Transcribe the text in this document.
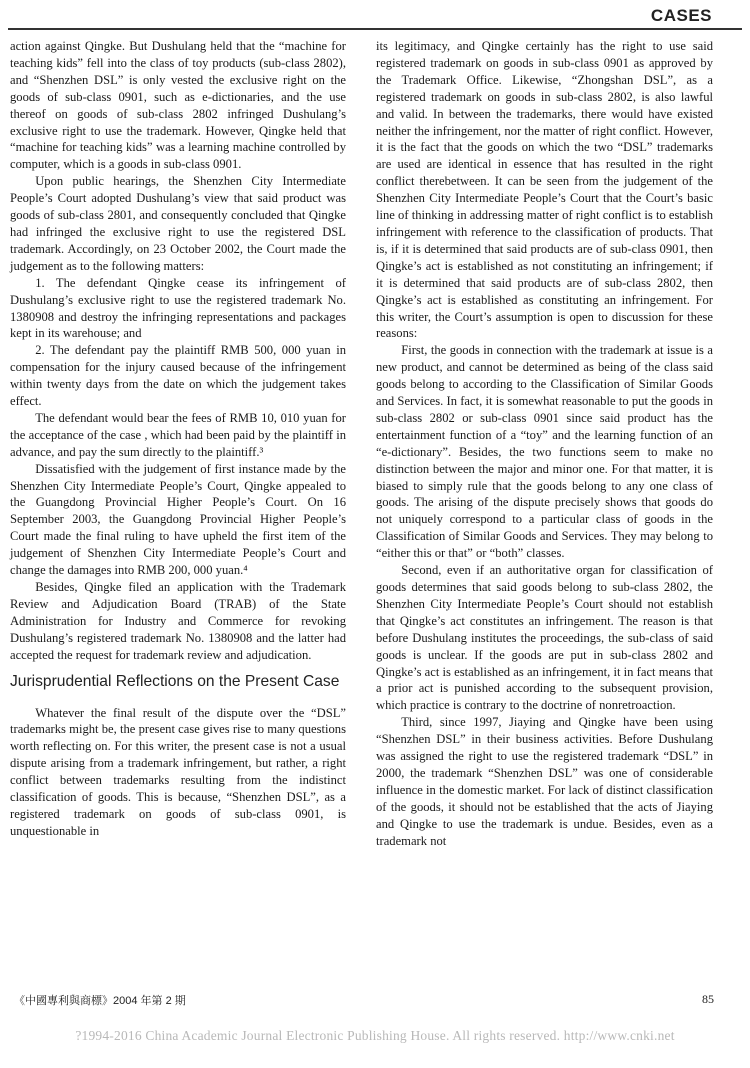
CASES

action against Qingke. But Dushulang held that the “machine for teaching kids” fell into the class of toy products (sub-class 2802), and “Shenzhen DSL” is only vested the exclusive right on the goods of sub-class 0901, such as e-dictionaries, and the use thereof on goods of sub-class 2802 infringed Dushulang’s exclusive right to use the trademark. However, Qingke held that “machine for teaching kids” was a learning machine controlled by computer, which is a goods in sub-class 0901.

Upon public hearings, the Shenzhen City Intermediate People’s Court adopted Dushulang’s view that said product was goods of sub-class 2801, and consequently concluded that Qingke had infringed the exclusive right to use the registered DSL trademark. Accordingly, on 23 October 2002, the Court made the judgement as to the following matters:

1. The defendant Qingke cease its infringement of Dushulang’s exclusive right to use the registered trademark No. 1380908 and destroy the infringing representations and packages kept in its warehouse; and

2. The defendant pay the plaintiff RMB 500, 000 yuan in compensation for the injury caused because of the infringement within twenty days from the date on which the judgement takes effect.

The defendant would bear the fees of RMB 10, 010 yuan for the acceptance of the case , which had been paid by the plaintiff in advance, and pay the sum directly to the plaintiff.³

Dissatisfied with the judgement of first instance made by the Shenzhen City Intermediate People’s Court, Qingke appealed to the Guangdong Provincial Higher People’s Court. On 16 September 2003, the Guangdong Provincial Higher People’s Court made the final ruling to have upheld the first item of the judgement of Shenzhen City Intermediate People’s Court and change the damages into RMB 200, 000 yuan.⁴

Besides, Qingke filed an application with the Trademark Review and Adjudication Board (TRAB) of the State Administration for Industry and Commerce for revoking Dushulang’s registered trademark No. 1380908 and the latter had accepted the request for trademark review and adjudication.

Jurisprudential Reflections on the Present Case

Whatever the final result of the dispute over the “DSL” trademarks might be, the present case gives rise to many questions worth reflecting on. For this writer, the present case is not a usual dispute arising from a trademark infringement, but rather, a right conflict between trademarks resulting from the indistinct classification of goods. This is because, “Shenzhen DSL”, as a registered trademark on goods of sub-class 0901, is unquestionable in

its legitimacy, and Qingke certainly has the right to use said registered trademark on goods in sub-class 0901 as approved by the Trademark Office. Likewise, “Zhongshan DSL”, as a registered trademark on goods in sub-class 2802, is also lawful and valid. In between the trademarks, there would have existed neither the infringement, nor the matter of right conflict. However, it is the fact that the goods on which the two “DSL” trademarks are used are identical in essence that has resulted in the right conflict therebetween. It can be seen from the judgement of the Shenzhen City Intermediate People’s Court that the Court’s basic line of thinking in addressing matter of right conflict is to establish infringement with reference to the classification of products. That is, if it is determined that said products are of sub-class 0901, then Qingke’s act is established as not constituting an infringement; if it is determined that said products are of sub-class 2802, then Qingke’s act is established as constituting an infringement. For this writer, the Court’s assumption is open to discussion for these reasons:

First, the goods in connection with the trademark at issue is a new product, and cannot be determined as being of the class said goods belong to according to the Classification of Similar Goods and Services. In fact, it is somewhat reasonable to put the goods in sub-class 2802 or sub-class 0901 since said product has the entertainment function of a “toy” and the learning function of an “e-dictionary”. Besides, the two functions seem to make no distinction between the major and minor one. For that matter, it is biased to simply rule that the goods belong to any one class of goods. The arising of the dispute precisely shows that goods do not uniquely correspond to a particular class of goods in the Classification of Similar Goods and Services. They may belong to “either this or that” or “both” classes.

Second, even if an authoritative organ for classification of goods determines that said goods belong to sub-class 2802, the Shenzhen City Intermediate People’s Court should not establish that Qingke’s act constitutes an infringement. The reason is that before Dushulang institutes the proceedings, the sub-class of said goods is unclear. If the goods are put in sub-class 2802 and Qingke’s act is established as an infringement, it in fact means that a prior act is punished according to the subsequent provision, which practice is contrary to the doctrine of nonretroaction.

Third, since 1997, Jiaying and Qingke have been using “Shenzhen DSL” in their business activities. Before Dushulang was assigned the right to use the registered trademark “DSL” in 2000, the trademark “Shenzhen DSL” was one of considerable influence in the domestic market. For lack of distinct classification of the goods, it should not be established that the acts of Jiaying and Qingke to use the trademark is undue. Besides, even as a trademark not

《中國專利與商標》2004 年第 2 期	85
?1994-2016 China Academic Journal Electronic Publishing House. All rights reserved. http://www.cnki.net
